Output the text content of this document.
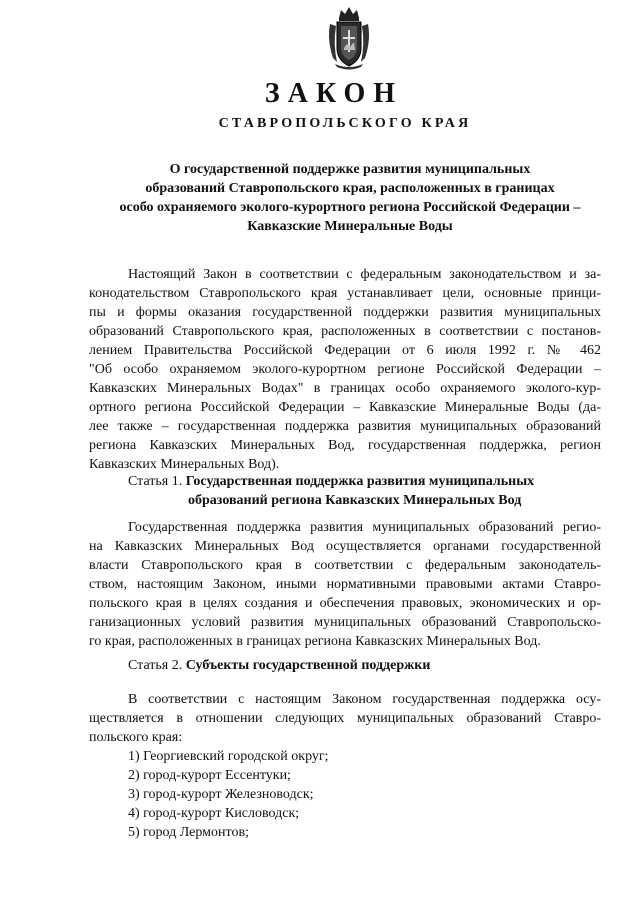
ЗАКОН
СТАВРОПОЛЬСКОГО КРАЯ
О государственной поддержке развития муниципальных
образований Ставропольского края, расположенных в границах
особо охраняемого эколого-курортного региона Российской Федерации –
Кавказские Минеральные Воды

Настоящий Закон в соответствии с федеральным законодательством и за-
конодательством Ставропольского края устанавливает цели, основные принци-
пы и формы оказания государственной поддержки развития муниципальных
образований Ставропольского края, расположенных в соответствии с постанов-
лением Правительства Российской Федерации от 6 июля 1992 г. № 462
"Об особо охраняемом эколого-курортном регионе Российской Федерации –
Кавказских Минеральных Водах" в границах особо охраняемого эколого-кур-
ортного региона Российской Федерации – Кавказские Минеральные Воды (да-
лее также – государственная поддержка развития муниципальных образований
региона Кавказских Минеральных Вод, государственная поддержка, регион
Кавказских Минеральных Вод).

Статья 1. Государственная поддержка развития муниципальных
образований региона Кавказских Минеральных Вод

Государственная поддержка развития муниципальных образований регио-
на Кавказских Минеральных Вод осуществляется органами государственной
власти Ставропольского края в соответствии с федеральным законодатель-
ством, настоящим Законом, иными нормативными правовыми актами Ставро-
польского края в целях создания и обеспечения правовых, экономических и ор-
ганизационных условий развития муниципальных образований Ставропольско-
го края, расположенных в границах региона Кавказских Минеральных Вод.

Статья 2. Субъекты государственной поддержки

В соответствии с настоящим Законом государственная поддержка осу-
ществляется в отношении следующих муниципальных образований Ставро-
польского края:

1) Георгиевский городской округ;
2) город-курорт Ессентуки;
3) город-курорт Железноводск;
4) город-курорт Кисловодск;
5) город Лермонтов;
